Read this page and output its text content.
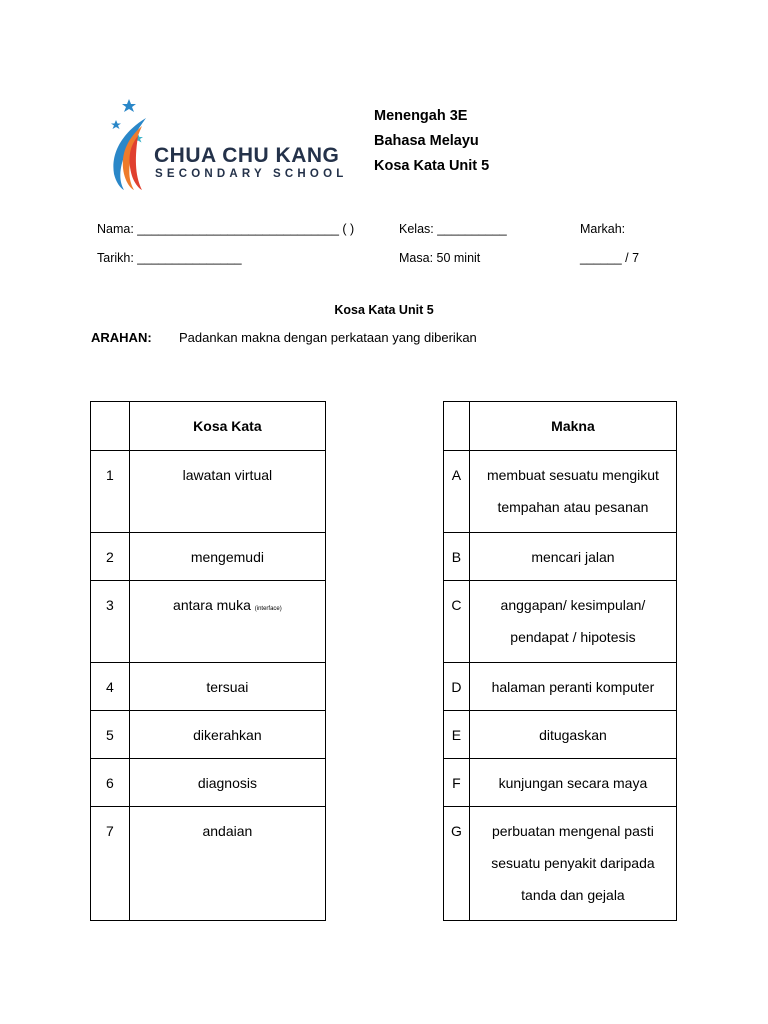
CHUA CHU KANG
SECONDARY SCHOOL
Menengah 3E
Bahasa Melayu
Kosa Kata Unit 5
Nama: _____________________________ ( )	Kelas: __________	Markah:
Tarikh: _______________	Masa: 50 minit	______ / 7
Kosa Kata Unit 5
ARAHAN: Padankan makna dengan perkataan yang diberikan
	Kosa Kata
1	lawatan virtual
2	mengemudi
3	antara muka (interface)
4	tersuai
5	dikerahkan
6	diagnosis
7	andaian
	Makna
A	membuat sesuatu mengikut
tempahan atau pesanan

B	mencari jalan

C	anggapan/ kesimpulan/
pendapat / hipotesis

D	halaman peranti komputer

E	ditugaskan

F	kunjungan secara maya

G	perbuatan mengenal pasti
sesuatu penyakit daripada
tanda dan gejala
